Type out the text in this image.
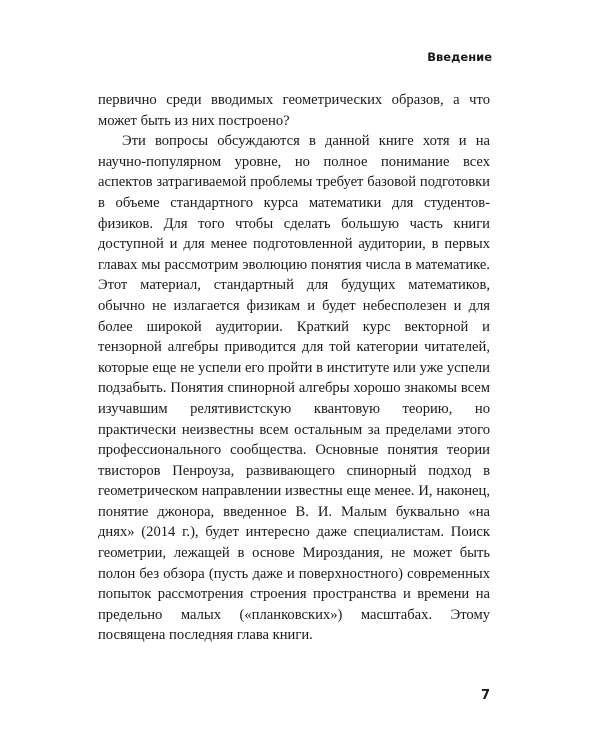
Введение

первично среди вводимых геометрических образов, а что может быть из них построено?

Эти вопросы обсуждаются в данной книге хотя и на научно-популярном уровне, но полное понимание всех аспектов затрагиваемой проблемы требует базовой подготовки в объеме стандартного курса математики для студентов-физиков. Для того чтобы сделать большую часть книги доступной и для менее подготовленной аудитории, в первых главах мы рассмотрим эволюцию понятия числа в математике. Этот материал, стандартный для будущих математиков, обычно не излагается физикам и будет небесполезен и для более широкой аудитории. Краткий курс векторной и тензорной алгебры приводится для той категории читателей, которые еще не успели его пройти в институте или уже успели подзабыть. Понятия спинорной алгебры хорошо знакомы всем изучавшим релятивистскую квантовую теорию, но практически неизвестны всем остальным за пределами этого профессионального сообщества. Основные понятия теории твисторов Пенроуза, развивающего спинорный подход в геометрическом направлении известны еще менее. И, наконец, понятие джонора, введенное В. И. Малым буквально «на днях» (2014 г.), будет интересно даже специалистам. Поиск геометрии, лежащей в основе Мироздания, не может быть полон без обзора (пусть даже и поверхностного) современных попыток рассмотрения строения пространства и времени на предельно малых («планковских») масштабах. Этому посвящена последняя глава книги.

7
